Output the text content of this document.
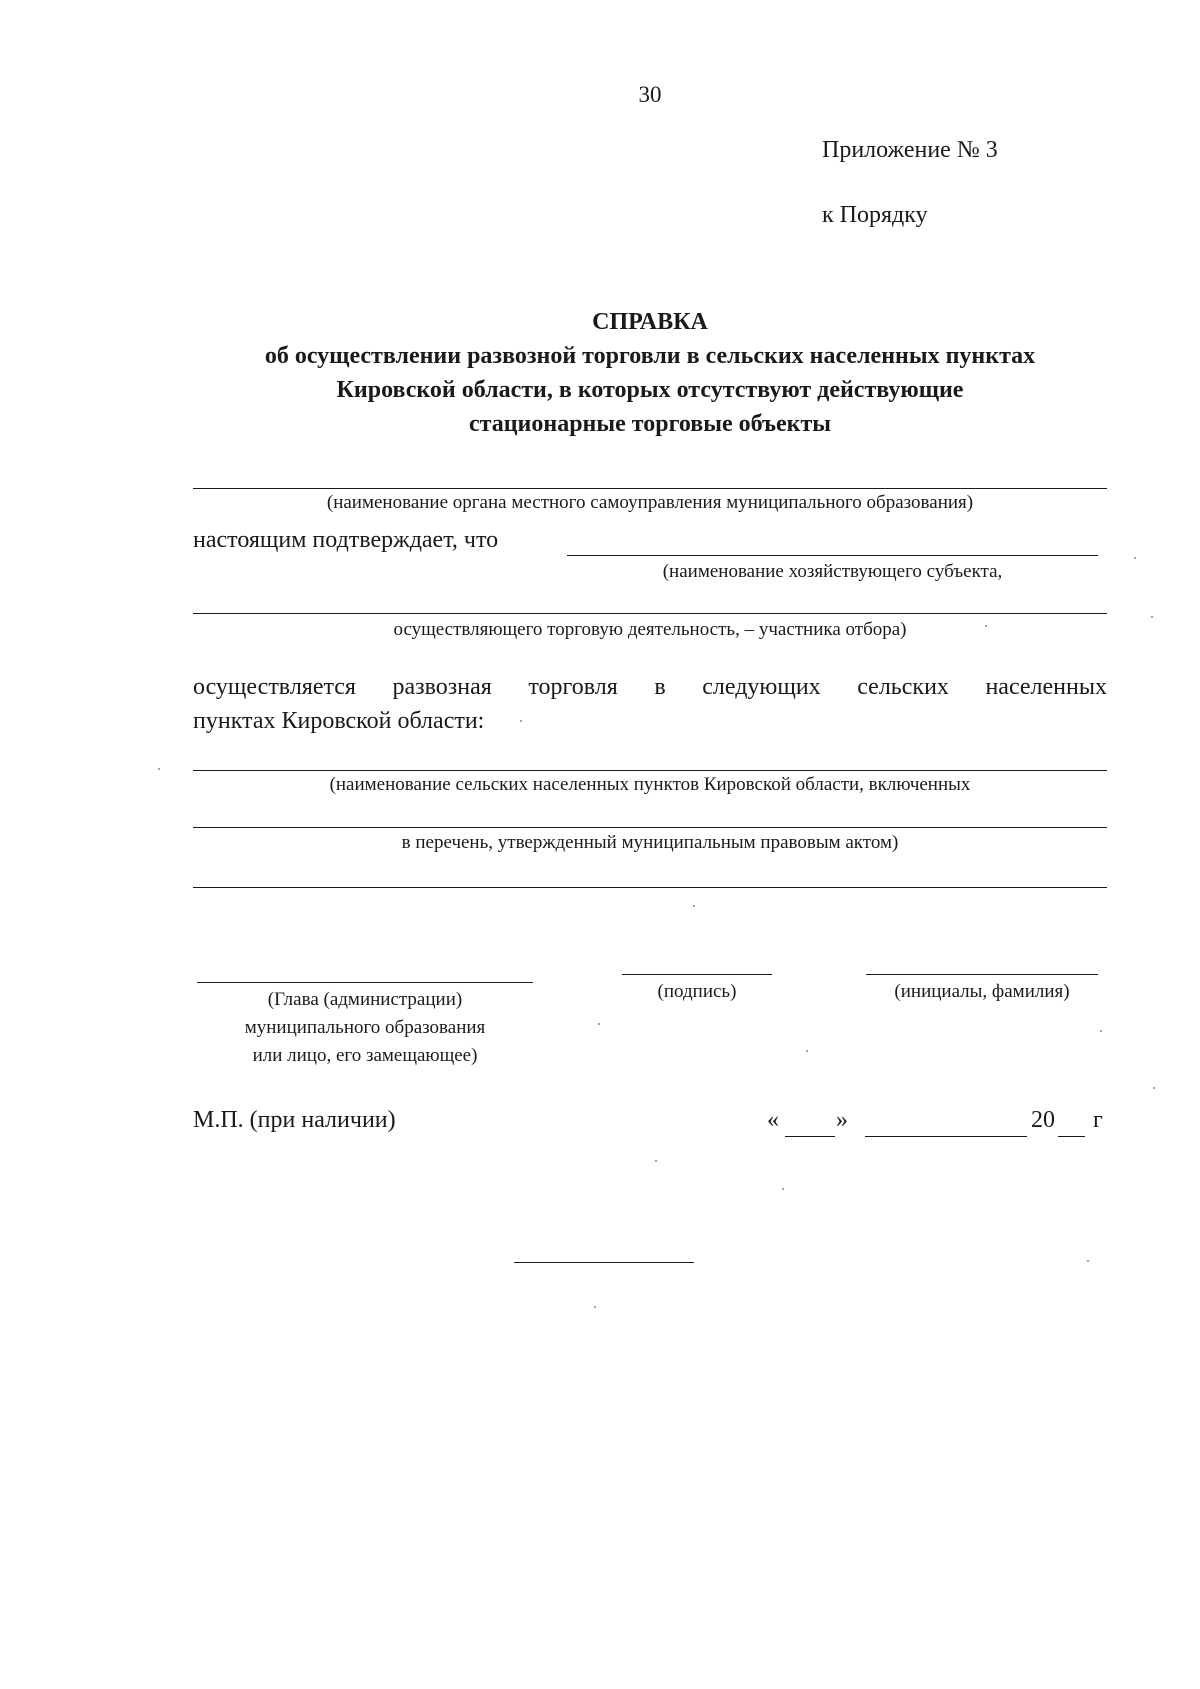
30
Приложение № 3
к Порядку
СПРАВКА
об осуществлении развозной торговли в сельских населенных пунктах
Кировской области, в которых отсутствуют действующие
стационарные торговые объекты
(наименование органа местного самоуправления муниципального образования)
настоящим подтверждает, что
(наименование хозяйствующего субъекта,
осуществляющего торговую деятельность, – участника отбора)
осуществляется развозная торговля в следующих сельских населенных
пунктах Кировской области:
(наименование сельских населенных пунктов Кировской области, включенных
в перечень, утвержденный муниципальным правовым актом)
(Глава (администрации)
муниципального образования
или лицо, его замещающее)
(подпись)	(инициалы, фамилия)
М.П. (при наличии)	« »	20 г
